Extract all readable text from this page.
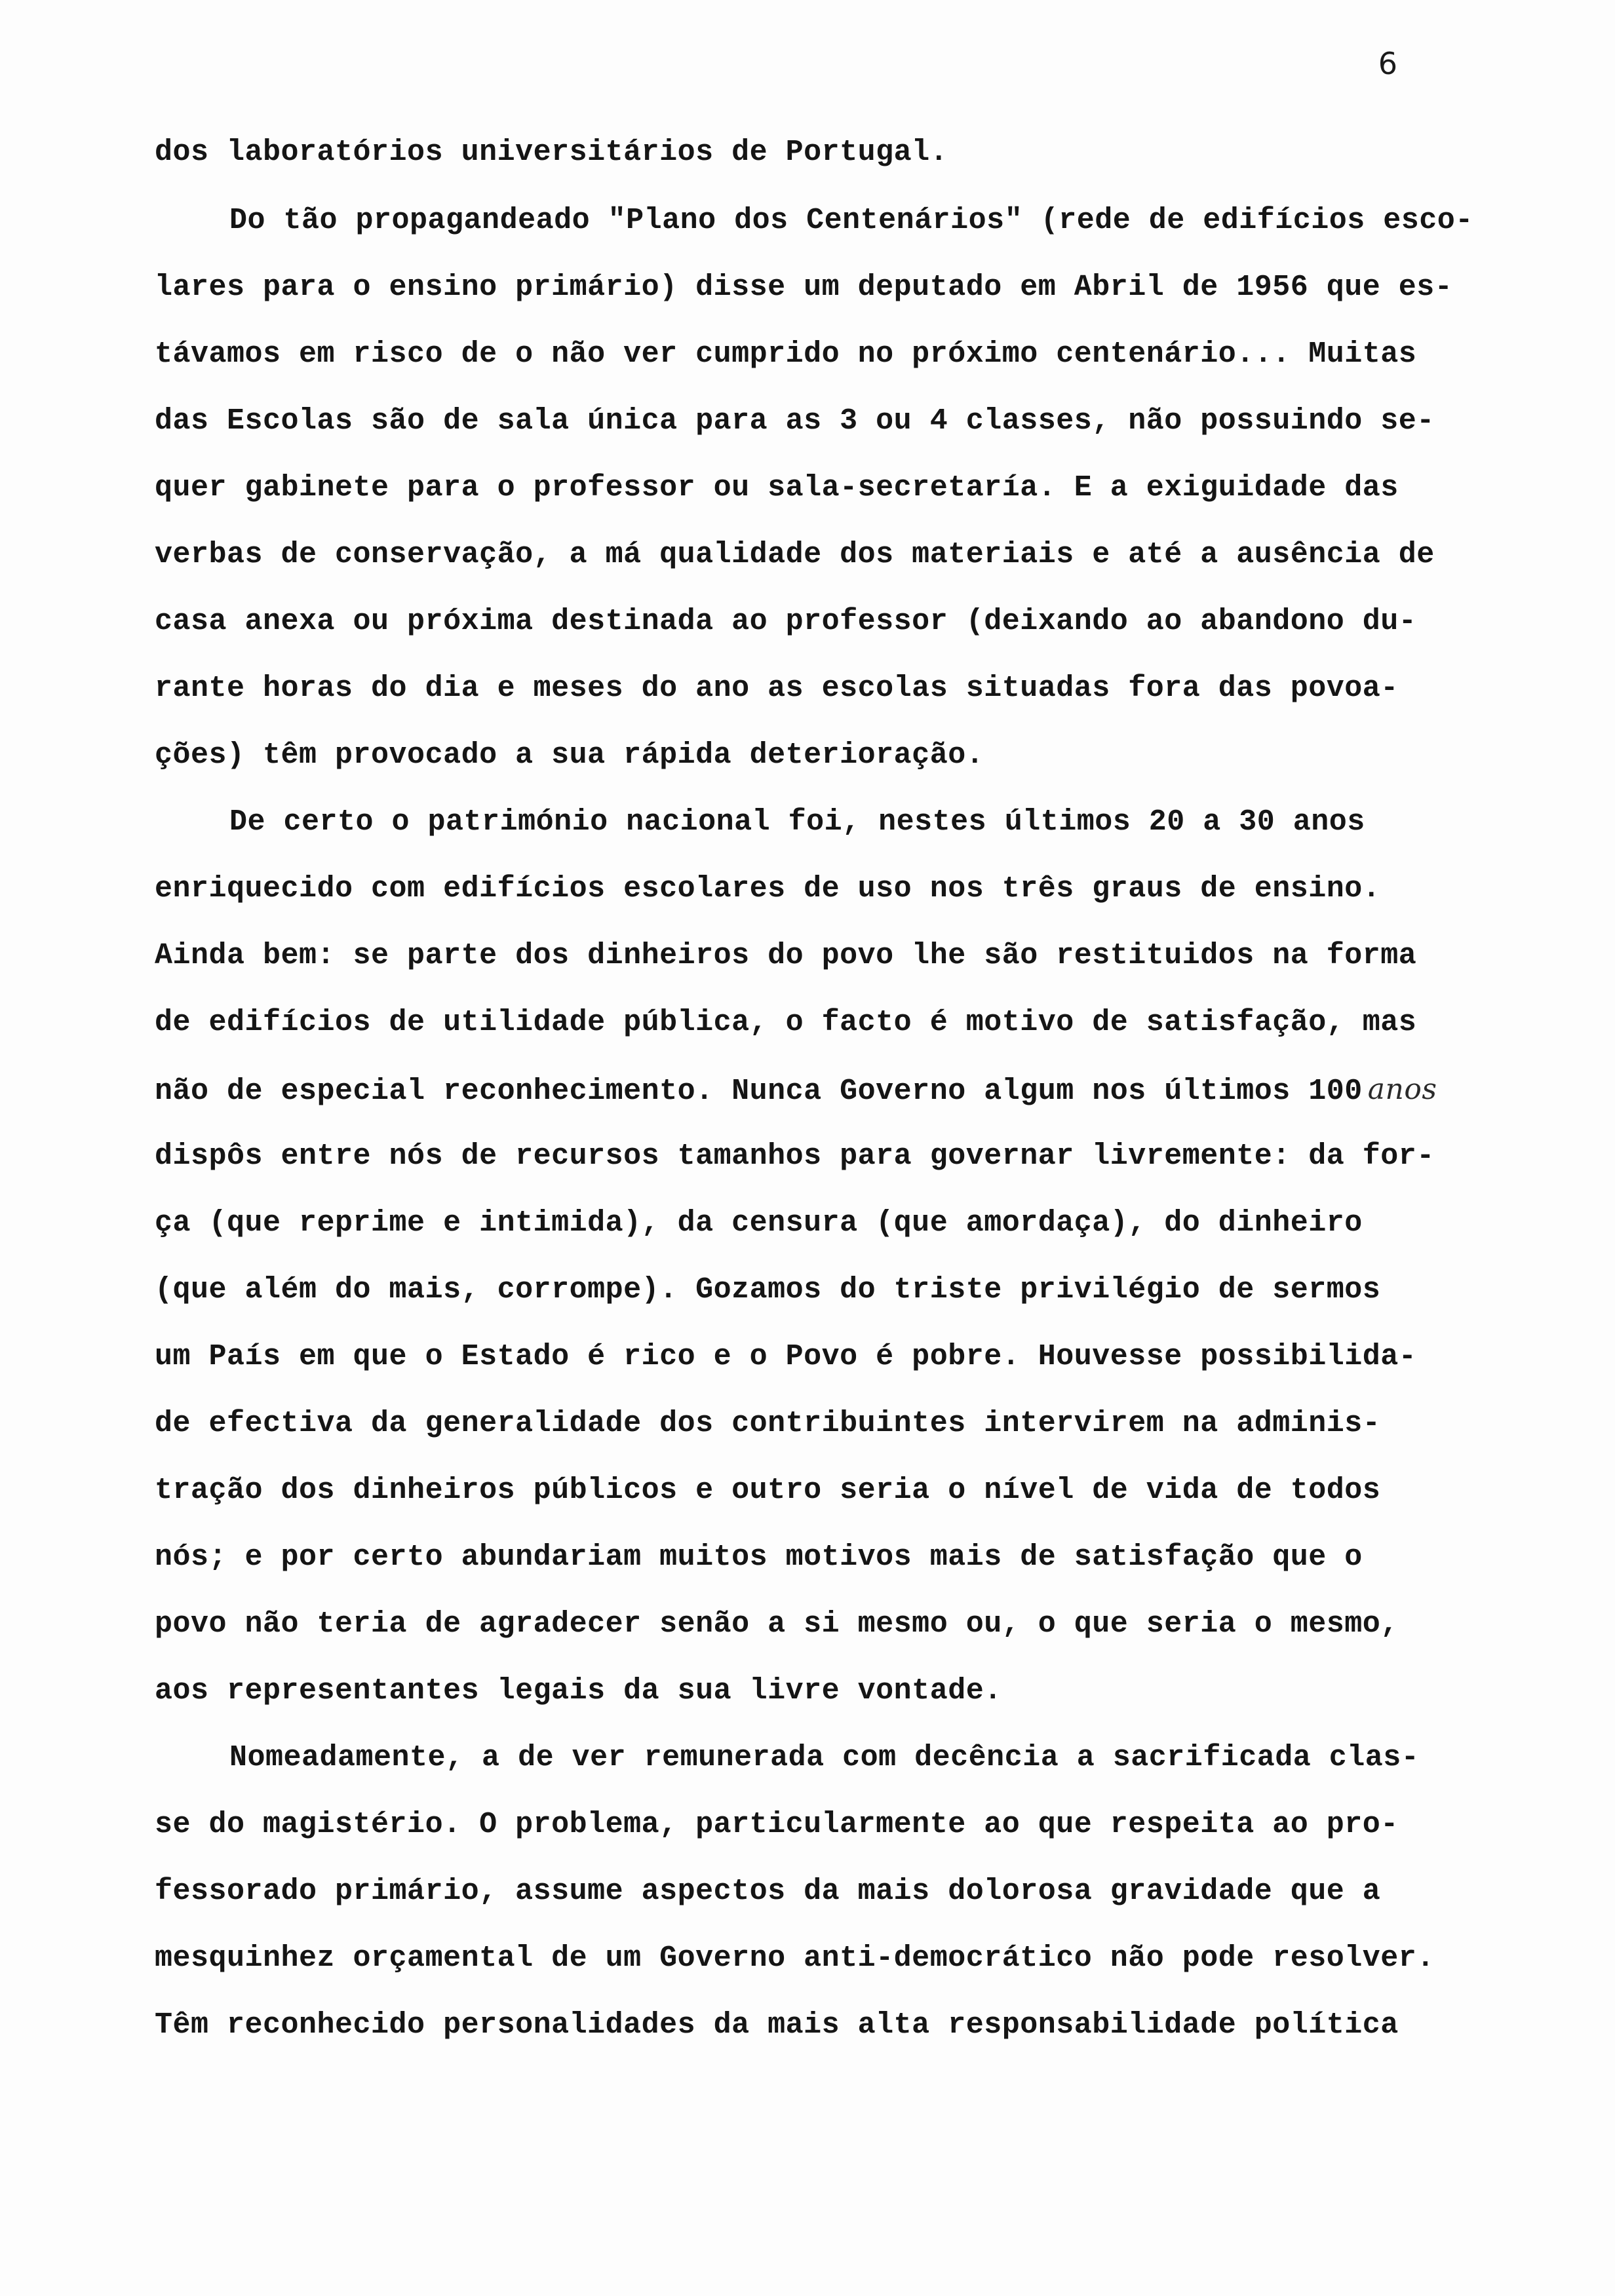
6
dos laboratórios universitários de Portugal.
Do tão propagandeado "Plano dos Centenários" (rede de edifícios esco-
lares para o ensino primário) disse um deputado em Abril de 1956 que es-
távamos em risco de o não ver cumprido no próximo centenário... Muitas
das Escolas são de sala única para as 3 ou 4 classes, não possuindo se-
quer gabinete para o professor ou sala-secretaría. E a exiguidade das
verbas de conservação, a má qualidade dos materiais e até a ausência de
casa anexa ou próxima destinada ao professor (deixando ao abandono du-
rante horas do dia e meses do ano as escolas situadas fora das povoa-
ções) têm provocado a sua rápida deterioração.
De certo o património nacional foi, nestes últimos 20 a 30 anos
enriquecido com edifícios escolares de uso nos três graus de ensino.
Ainda bem: se parte dos dinheiros do povo lhe são restituidos na forma
de edifícios de utilidade pública, o facto é motivo de satisfação, mas
não de especial reconhecimento. Nunca Governo algum nos últimos 100 anos
dispôs entre nós de recursos tamanhos para governar livremente: da for-
ça (que reprime e intimida), da censura (que amordaça), do dinheiro
(que além do mais, corrompe). Gozamos do triste privilégio de sermos
um País em que o Estado é rico e o Povo é pobre. Houvesse possibilida-
de efectiva da generalidade dos contribuintes intervirem na adminis-
tração dos dinheiros públicos e outro seria o nível de vida de todos
nós; e por certo abundariam muitos motivos mais de satisfação que o
povo não teria de agradecer senão a si mesmo ou, o que seria o mesmo,
aos representantes legais da sua livre vontade.
Nomeadamente, a de ver remunerada com decência a sacrificada clas-
se do magistério. O problema, particularmente ao que respeita ao pro-
fessorado primário, assume aspectos da mais dolorosa gravidade que a
mesquinhez orçamental de um Governo anti-democrático não pode resolver.
Têm reconhecido personalidades da mais alta responsabilidade política
